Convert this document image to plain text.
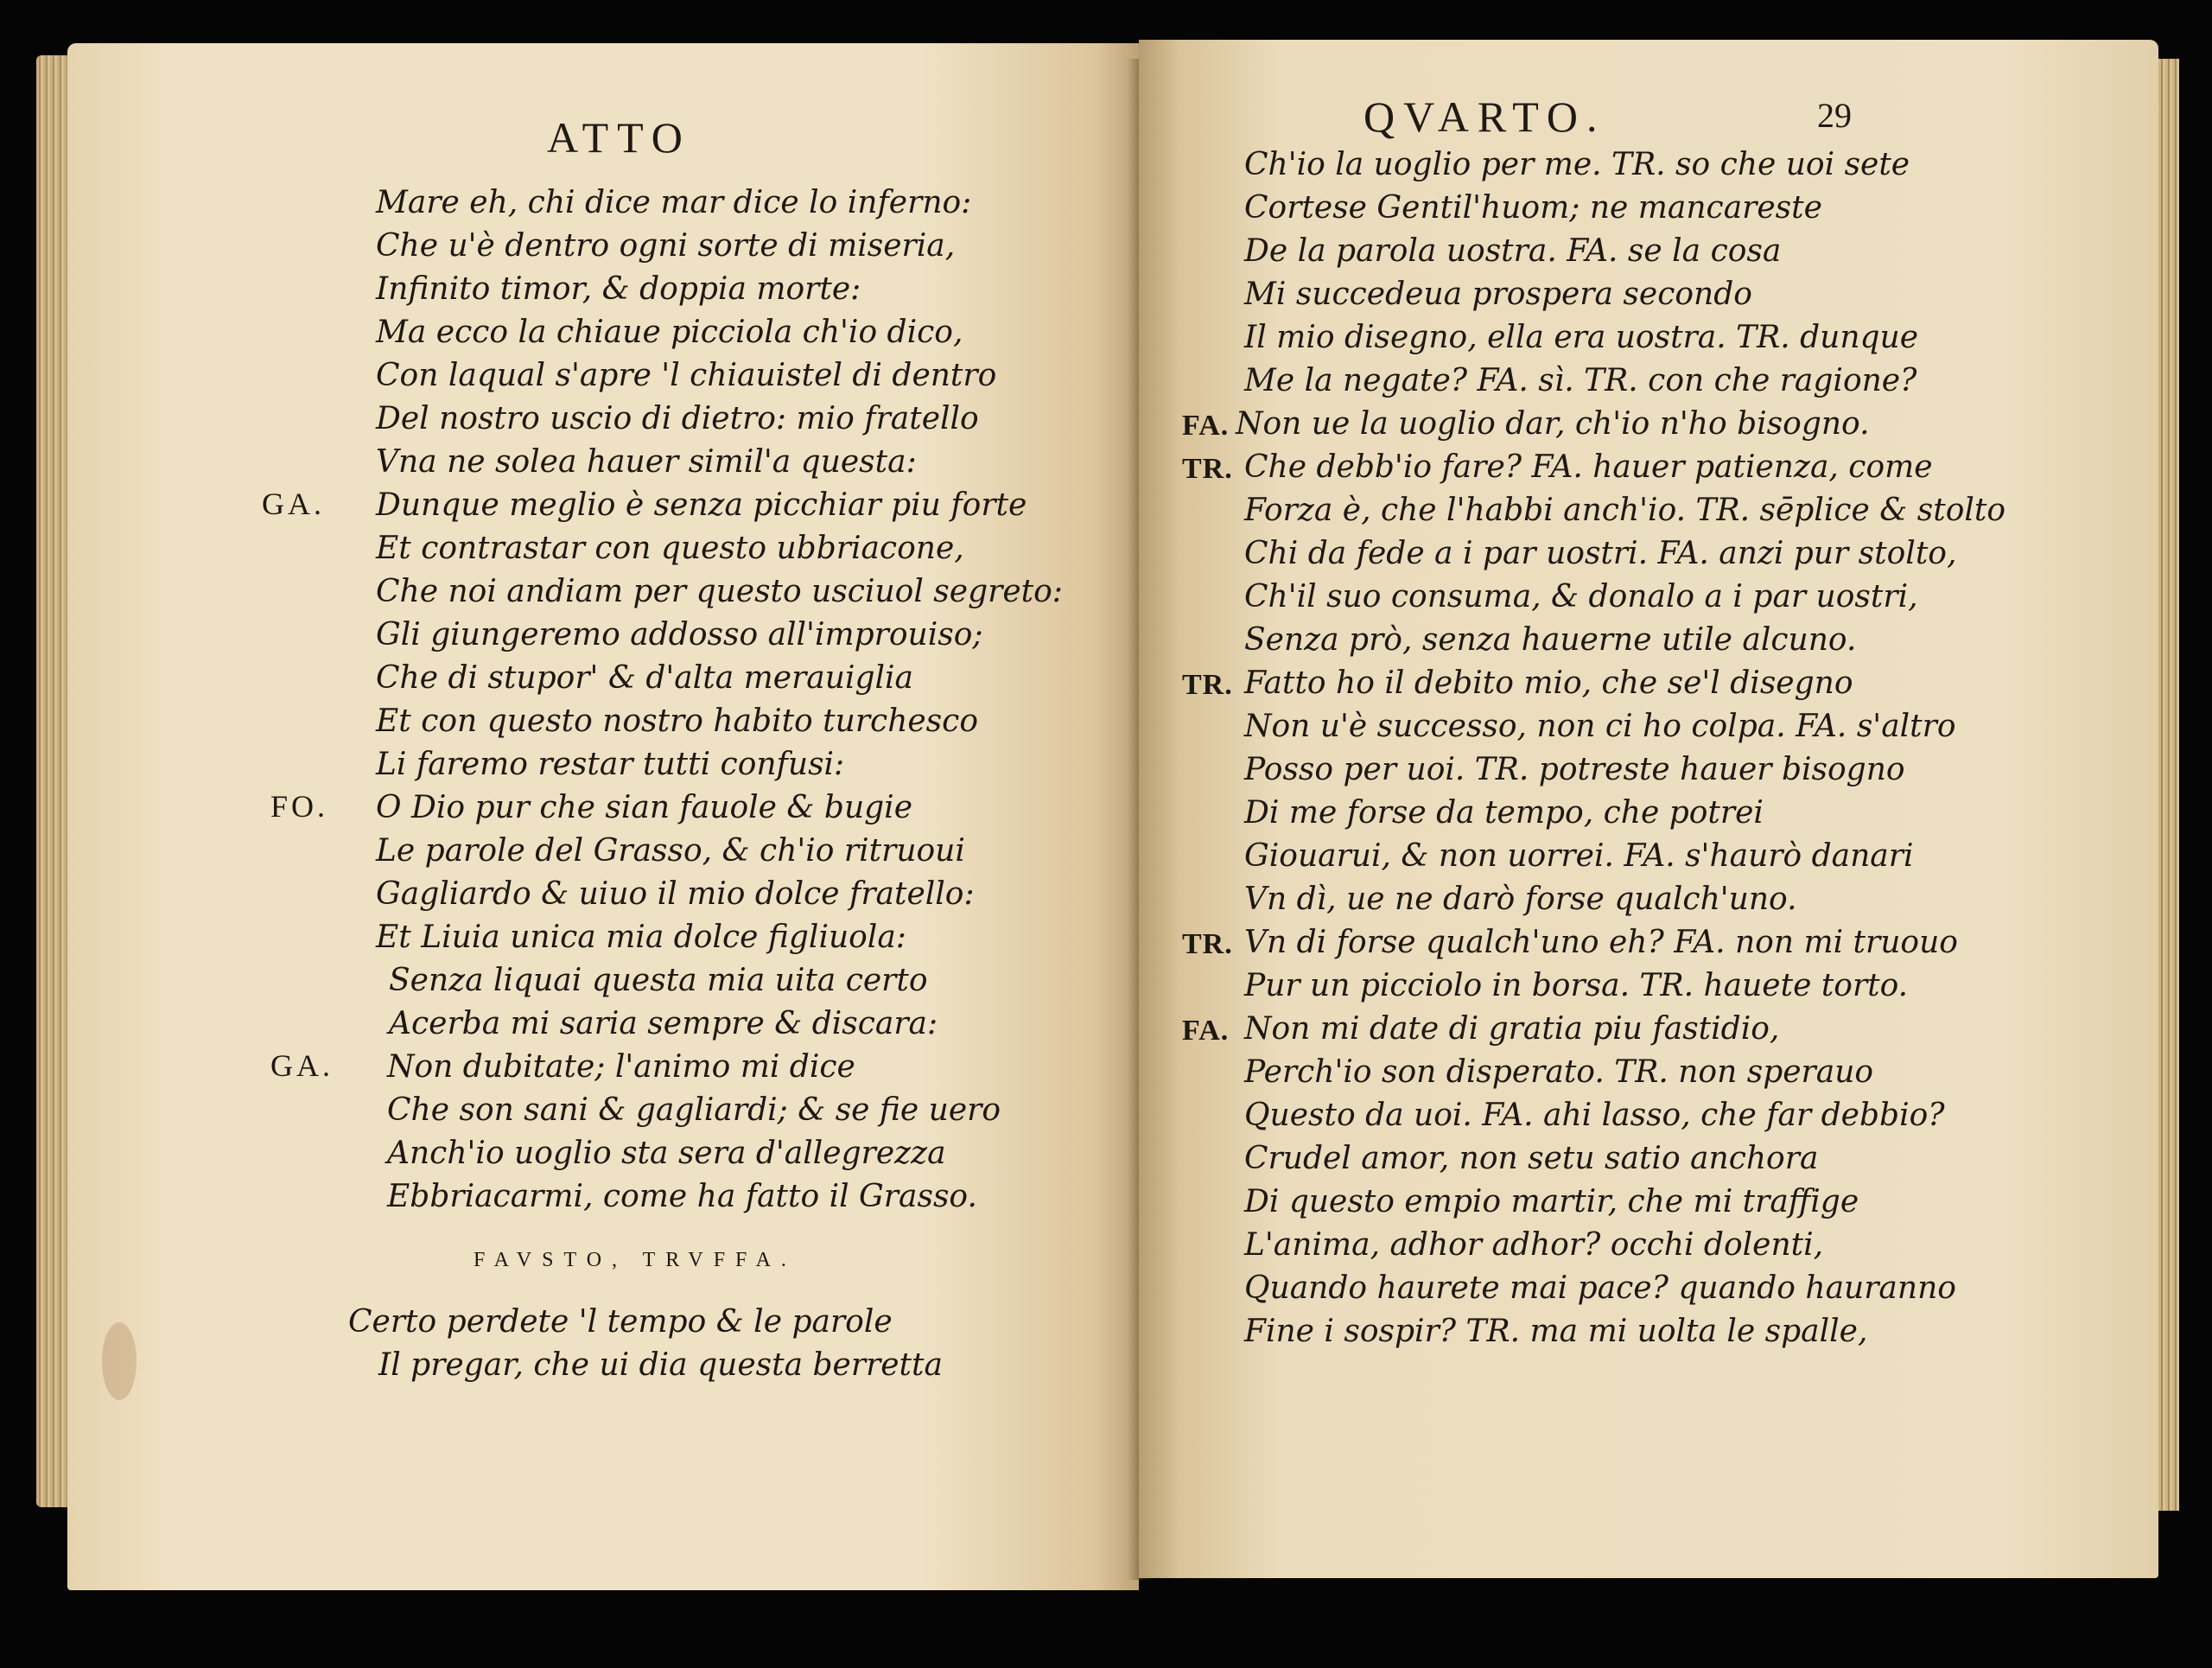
ATTO
Mare eh, chi dice mar dice lo inferno:
Che u'è dentro ogni sorte di miseria,
Infinito timor, & doppia morte:
Ma ecco la chiaue picciola ch'io dico,
Con laqual s'apre 'l chiauistel di dentro
Del nostro uscio di dietro: mio fratello
Vna ne solea hauer simil'a questa:
GA. Dunque meglio è senza picchiar piu forte
Et contrastar con questo ubbriacone,
Che noi andiam per questo usciuol segreto:
Gli giungeremo addosso all'improuiso;
Che di stupor' & d'alta merauiglia
Et con questo nostro habito turchesco
Li faremo restar tutti confusi:
FO. O Dio pur che sian fauole & bugie
Le parole del Grasso, & ch'io ritruoui
Gagliardo & uiuo il mio dolce fratello:
Et Liuia unica mia dolce figliuola:
Senza liquai questa mia uita certo
Acerba mi saria sempre & discara:
GA. Non dubitate; l'animo mi dice
Che son sani & gagliardi; & se fie uero
Anch'io uoglio sta sera d'allegrezza
Ebbriacarmi, come ha fatto il Grasso.
FAVSTO, TRVFFA.
Certo perdete 'l tempo & le parole
Il pregar, che ui dia questa berretta
QVARTO.	29
Ch'io la uoglio per me. TR. so che uoi sete
Cortese Gentil'huom; ne mancareste
De la parola uostra. FA. se la cosa
Mi succedeua prospera secondo
Il mio disegno, ella era uostra. TR. dunque
Me la negate? FA. sì. TR. con che ragione?
FA. Non ue la uoglio dar, ch'io n'ho bisogno.
TR. Che debb'io fare? FA. hauer patienza, come
Forza è, che l'habbi anch'io. TR. sēplice & stolto
Chi da fede a i par uostri. FA. anzi pur stolto,
Ch'il suo consuma, & donalo a i par uostri,
Senza prò, senza hauerne utile alcuno.
TR. Fatto ho il debito mio, che se'l disegno
Non u'è successo, non ci ho colpa. FA. s'altro
Posso per uoi. TR. potreste hauer bisogno
Di me forse da tempo, che potrei
Giouarui, & non uorrei. FA. s'haurò danari
Vn dì, ue ne darò forse qualch'uno.
TR. Vn di forse qualch'uno eh? FA. non mi truouo
Pur un picciolo in borsa. TR. hauete torto.
FA. Non mi date di gratia piu fastidio,
Perch'io son disperato. TR. non sperauo
Questo da uoi. FA. ahi lasso, che far debbio?
Crudel amor, non setu satio anchora
Di questo empio martir, che mi traffige
L'anima, adhor adhor? occhi dolenti,
Quando haurete mai pace? quando hauranno
Fine i sospir? TR. ma mi uolta le spalle,
